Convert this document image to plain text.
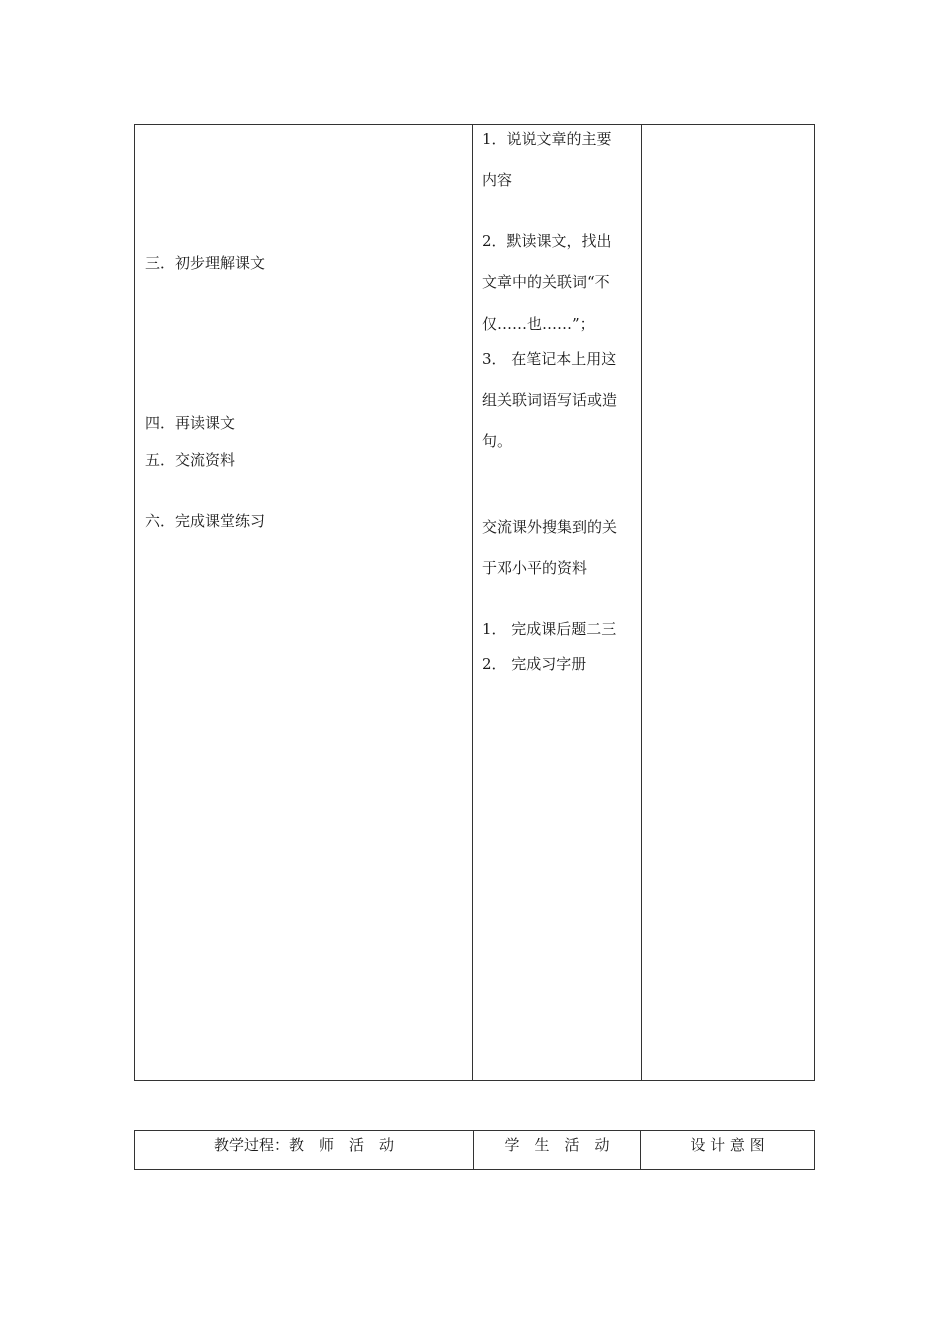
三．初步理解课文
四．再读课文
五．交流资料
六．完成课堂练习
1．说说文章的主要
内容
2．默读课文，找出
文章中的关联词“不
仅……也……”；
3． 在笔记本上用这
组关联词语写话或造
句。
交流课外搜集到的关
于邓小平的资料
1． 完成课后题二三
2． 完成习字册
教学过程：教　师　活　动	学　生　活　动	设 计 意 图
